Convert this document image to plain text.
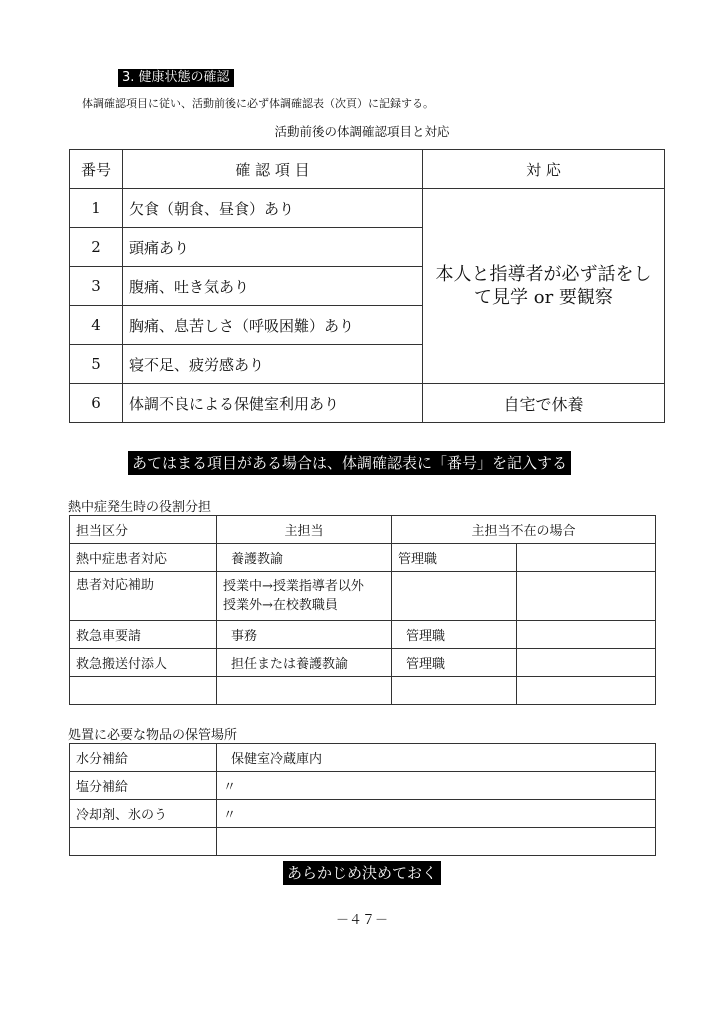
3. 健康状態の確認
体調確認項目に従い、活動前後に必ず体調確認表（次頁）に記録する。
活動前後の体調確認項目と対応
番号	確 認 項 目	対 応
1	欠食（朝食、昼食）あり	本人と指導者が必ず話をして見学 or 要観察

2	頭痛あり	
3	腹痛、吐き気あり	
4	胸痛、息苦しさ（呼吸困難）あり	
5	寝不足、疲労感あり	
6	体調不良による保健室利用あり	自宅で休養
あてはまる項目がある場合は、体調確認表に「番号」を記入する
熱中症発生時の役割分担
担当区分	主担当	主担当不在の場合	
熱中症患者対応	養護教諭	管理職	
患者対応補助	授業中→授業指導者以外
授業外→在校教職員		

救急車要請	事務	管理職	
救急搬送付添人	担任または養護教諭	管理職	

処置に必要な物品の保管場所
水分補給	保健室冷蔵庫内
塩分補給	〃
冷却剤、氷のう	〃

あらかじめ決めておく
－４７－
